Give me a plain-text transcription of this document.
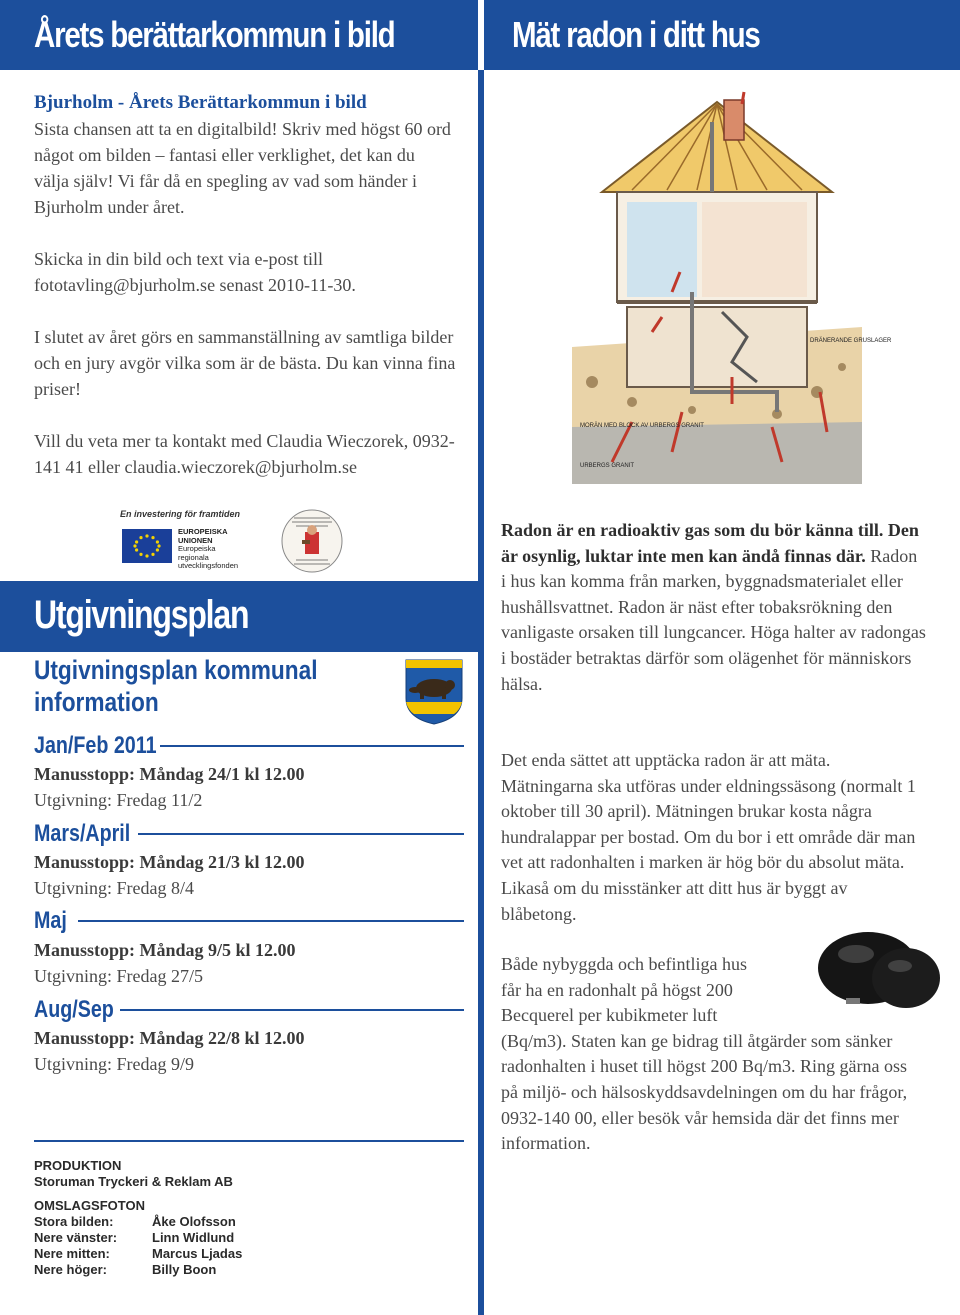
Årets berättarkommun i bild	Mät radon i ditt hus
Bjurholm - Årets Berättarkommun i bild

Sista chansen att ta en digitalbild! Skriv med högst 60 ord något om bilden – fantasi eller verklighet, det kan du välja själv! Vi får då en spegling av vad som händer i Bjurholm under året.

Skicka in din bild och text via e-post till fototavling@bjurholm.se senast 2010-11-30.

I slutet av året görs en sammanställning av samtliga bilder och en jury avgör vilka som är de bästa. Du kan vinna fina priser!

Vill du veta mer ta kontakt med Claudia Wieczorek, 0932-141 41 eller claudia.wieczorek@bjurholm.se

En investering för framtiden
EUROPEISKA
UNIONEN
Europeiska
regionala
utvecklingsfonden
Utgivningsplan
Utgivningsplan kommunal information
Jan/Feb 2011
Manusstopp: Måndag 24/1 kl 12.00
Utgivning: Fredag 11/2
Mars/April
Manusstopp: Måndag 21/3 kl 12.00
Utgivning: Fredag 8/4
Maj
Manusstopp: Måndag 9/5 kl 12.00
Utgivning: Fredag 27/5
Aug/Sep
Manusstopp: Måndag 22/8 kl 12.00
Utgivning: Fredag 9/9
PRODUKTION
Storuman Tryckeri & Reklam AB
OMSLAGSFOTON
Stora bilden:	Åke Olofsson
Nere vänster:	Linn Widlund
Nere mitten:	Marcus Ljadas
Nere höger:	Billy Boon
DRÄNERANDE GRUSLAGER
MORÄN MED BLOCK AV URBERGS GRANIT
URBERGS GRANIT
Radon är en radioaktiv gas som du bör känna till. Den är osynlig, luktar inte men kan ändå finnas där. Radon i hus kan komma från marken, byggnadsmaterialet eller hushållsvattnet. Radon är näst efter tobaksrökning den vanligaste orsaken till lungcancer. Höga halter av radongas i bostäder betraktas därför som olägenhet för människors hälsa.
Det enda sättet att upptäcka radon är att mäta. Mätningarna ska utföras under eldningssäsong (normalt 1 oktober till 30 april). Mätningen brukar kosta några hundralappar per bostad. Om du bor i ett område där man vet att radonhalten i marken är hög bör du absolut mäta. Likaså om du misstänker att ditt hus är byggt av blåbetong.
Både nybyggda och befintliga hus
får ha en radonhalt på högst 200
Becquerel per kubikmeter luft
(Bq/m3). Staten kan ge bidrag till åtgärder som sänker radonhalten i huset till högst 200 Bq/m3. Ring gärna oss på miljö- och hälsoskyddsavdelningen om du har frågor, 0932-140 00, eller besök vår hemsida där det finns mer information.
